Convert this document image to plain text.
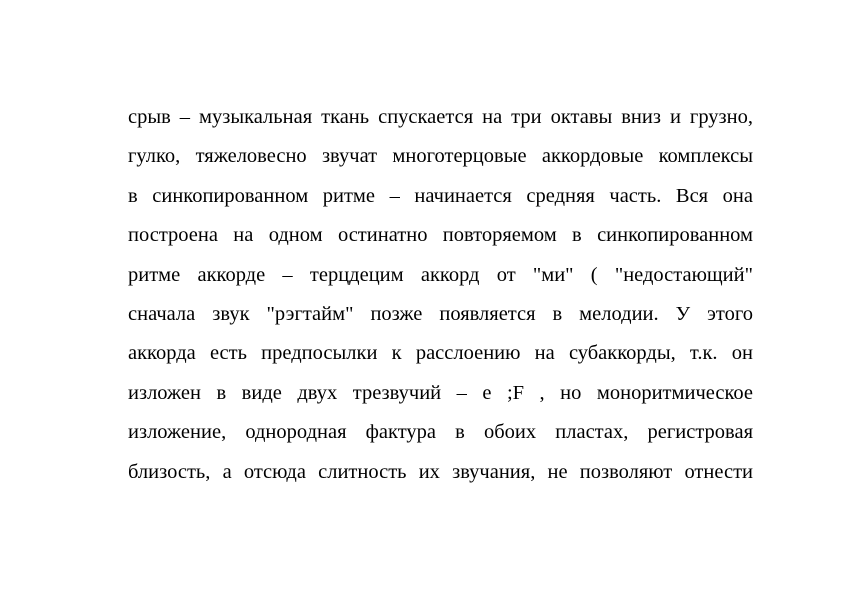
срыв – музыкальная ткань спускается на три октавы вниз и грузно,
гулко, тяжеловесно звучат многотерцовые аккордовые комплексы
в синкопированном ритме – начинается средняя часть. Вся она
построена на одном остинатно повторяемом в синкопированном
ритме аккорде – терцдецим аккорд от "ми" ( "недостающий"
сначала звук "рэгтайм" позже появляется в мелодии. У этого
аккорда есть предпосылки к расслоению на субаккорды, т.к. он
изложен в виде двух трезвучий – е ;F , но моноритмическое
изложение, однородная фактура в обоих пластах, регистровая
близость, а отсюда слитность их звучания, не позволяют отнести
